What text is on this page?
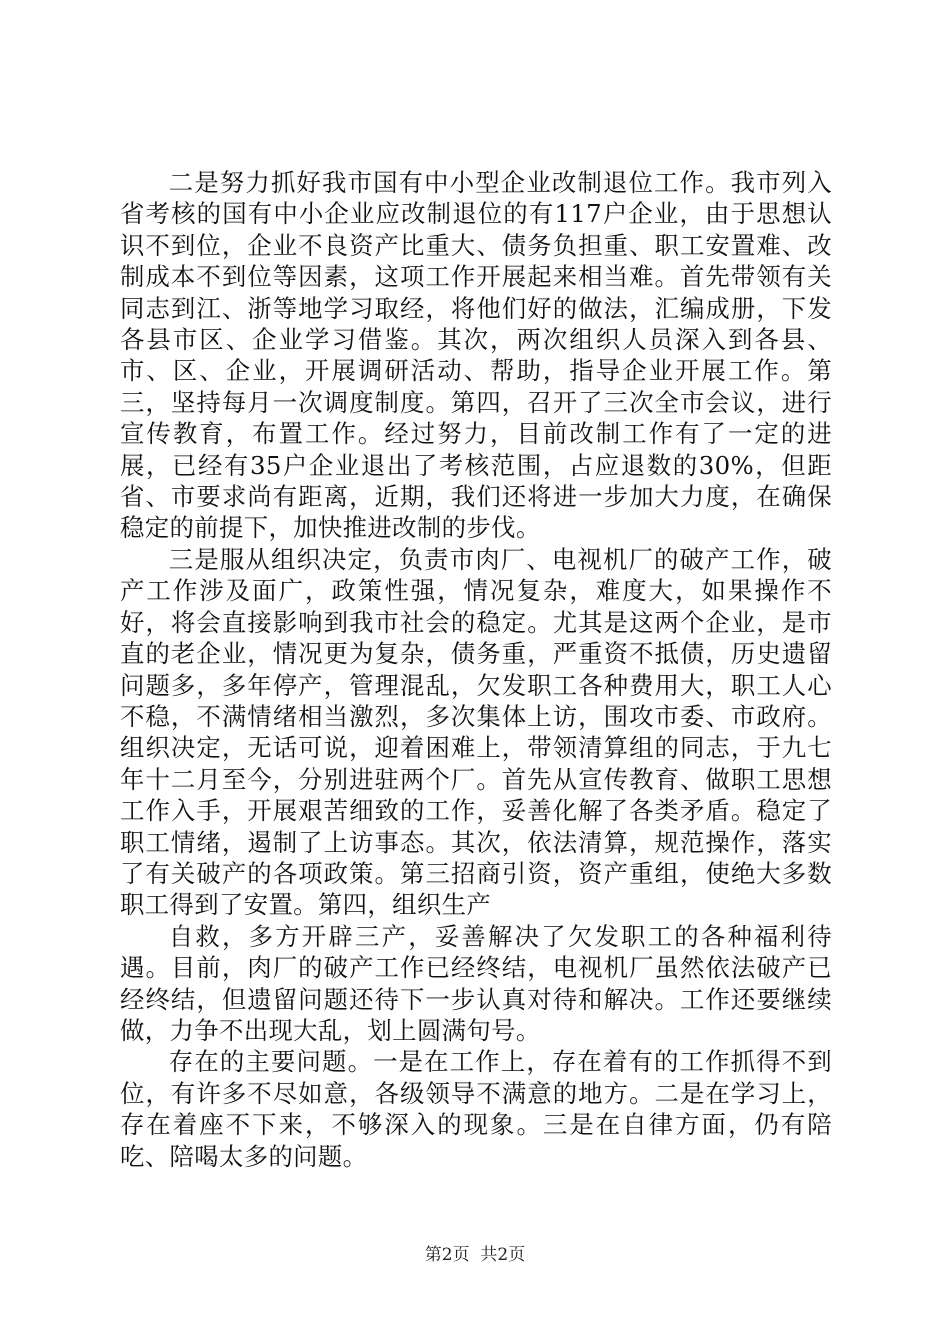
二是努力抓好我市国有中小型企业改制退位工作。我市列入省考核的国有中小企业应改制退位的有117户企业，由于思想认识不到位，企业不良资产比重大、债务负担重、职工安置难、改制成本不到位等因素，这项工作开展起来相当难。首先带领有关同志到江、浙等地学习取经，将他们好的做法，汇编成册，下发各县市区、企业学习借鉴。其次，两次组织人员深入到各县、市、区、企业，开展调研活动、帮助，指导企业开展工作。第三，坚持每月一次调度制度。第四，召开了三次全市会议，进行宣传教育，布置工作。经过努力，目前改制工作有了一定的进展，已经有35户企业退出了考核范围，占应退数的30%，但距省、市要求尚有距离，近期，我们还将进一步加大力度，在确保稳定的前提下，加快推进改制的步伐。

三是服从组织决定，负责市肉厂、电视机厂的破产工作，破产工作涉及面广，政策性强，情况复杂，难度大，如果操作不好，将会直接影响到我市社会的稳定。尤其是这两个企业，是市直的老企业，情况更为复杂，债务重，严重资不抵债，历史遗留问题多，多年停产，管理混乱，欠发职工各种费用大，职工人心不稳，不满情绪相当激烈，多次集体上访，围攻市委、市政府。组织决定，无话可说，迎着困难上，带领清算组的同志，于九七年十二月至今，分别进驻两个厂。首先从宣传教育、做职工思想工作入手，开展艰苦细致的工作，妥善化解了各类矛盾。稳定了职工情绪，遏制了上访事态。其次，依法清算，规范操作，落实了有关破产的各项政策。第三招商引资，资产重组，使绝大多数职工得到了安置。第四，组织生产

自救，多方开辟三产，妥善解决了欠发职工的各种福利待遇。目前，肉厂的破产工作已经终结，电视机厂虽然依法破产已经终结，但遗留问题还待下一步认真对待和解决。工作还要继续做，力争不出现大乱，划上圆满句号。

存在的主要问题。一是在工作上，存在着有的工作抓得不到位，有许多不尽如意，各级领导不满意的地方。二是在学习上，存在着座不下来，不够深入的现象。三是在自律方面，仍有陪吃、陪喝太多的问题。

第2页 共2页
